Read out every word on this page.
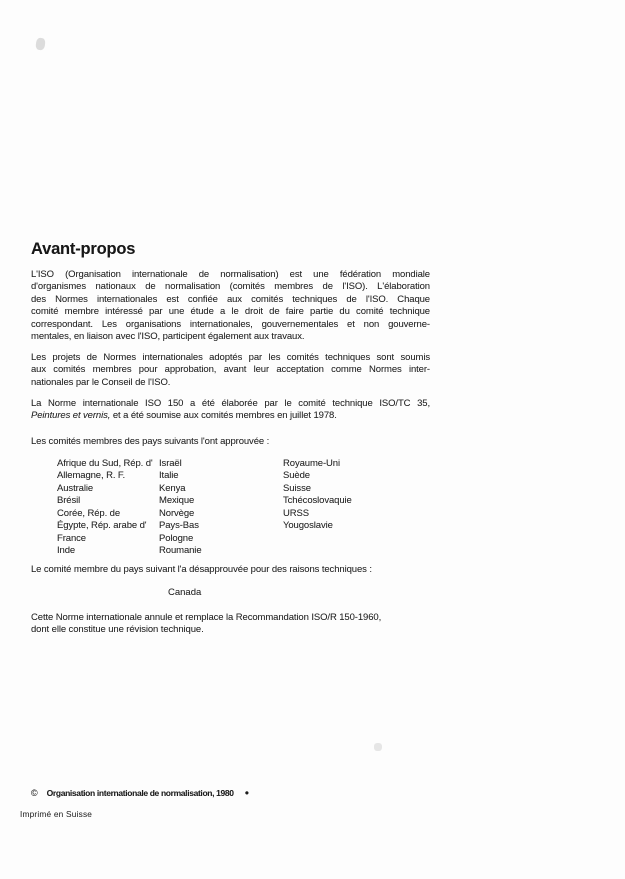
Avant-propos
L'ISO (Organisation internationale de normalisation) est une fédération mondiale
d'organismes nationaux de normalisation (comités membres de l'ISO). L'élaboration
des Normes internationales est confiée aux comités techniques de l'ISO. Chaque
comité membre intéressé par une étude a le droit de faire partie du comité technique
correspondant. Les organisations internationales, gouvernementales et non gouverne-
mentales, en liaison avec l'ISO, participent également aux travaux.
Les projets de Normes internationales adoptés par les comités techniques sont soumis
aux comités membres pour approbation, avant leur acceptation comme Normes inter-
nationales par le Conseil de l'ISO.
La Norme internationale ISO 150 a été élaborée par le comité technique ISO/TC 35,
Peintures et vernis, et a été soumise aux comités membres en juillet 1978.
Les comités membres des pays suivants l'ont approuvée :
Afrique du Sud, Rép. d'
Allemagne, R. F.
Australie
Brésil
Corée, Rép. de
Égypte, Rép. arabe d'
France
Inde
Israël
Italie
Kenya
Mexique
Norvège
Pays-Bas
Pologne
Roumanie
Royaume-Uni
Suède
Suisse
Tchécoslovaquie
URSS
Yougoslavie
Le comité membre du pays suivant l'a désapprouvée pour des raisons techniques :
Canada
Cette Norme internationale annule et remplace la Recommandation ISO/R 150-1960,
dont elle constitue une révision technique.
© Organisation internationale de normalisation, 1980 ●
Imprimé en Suisse
